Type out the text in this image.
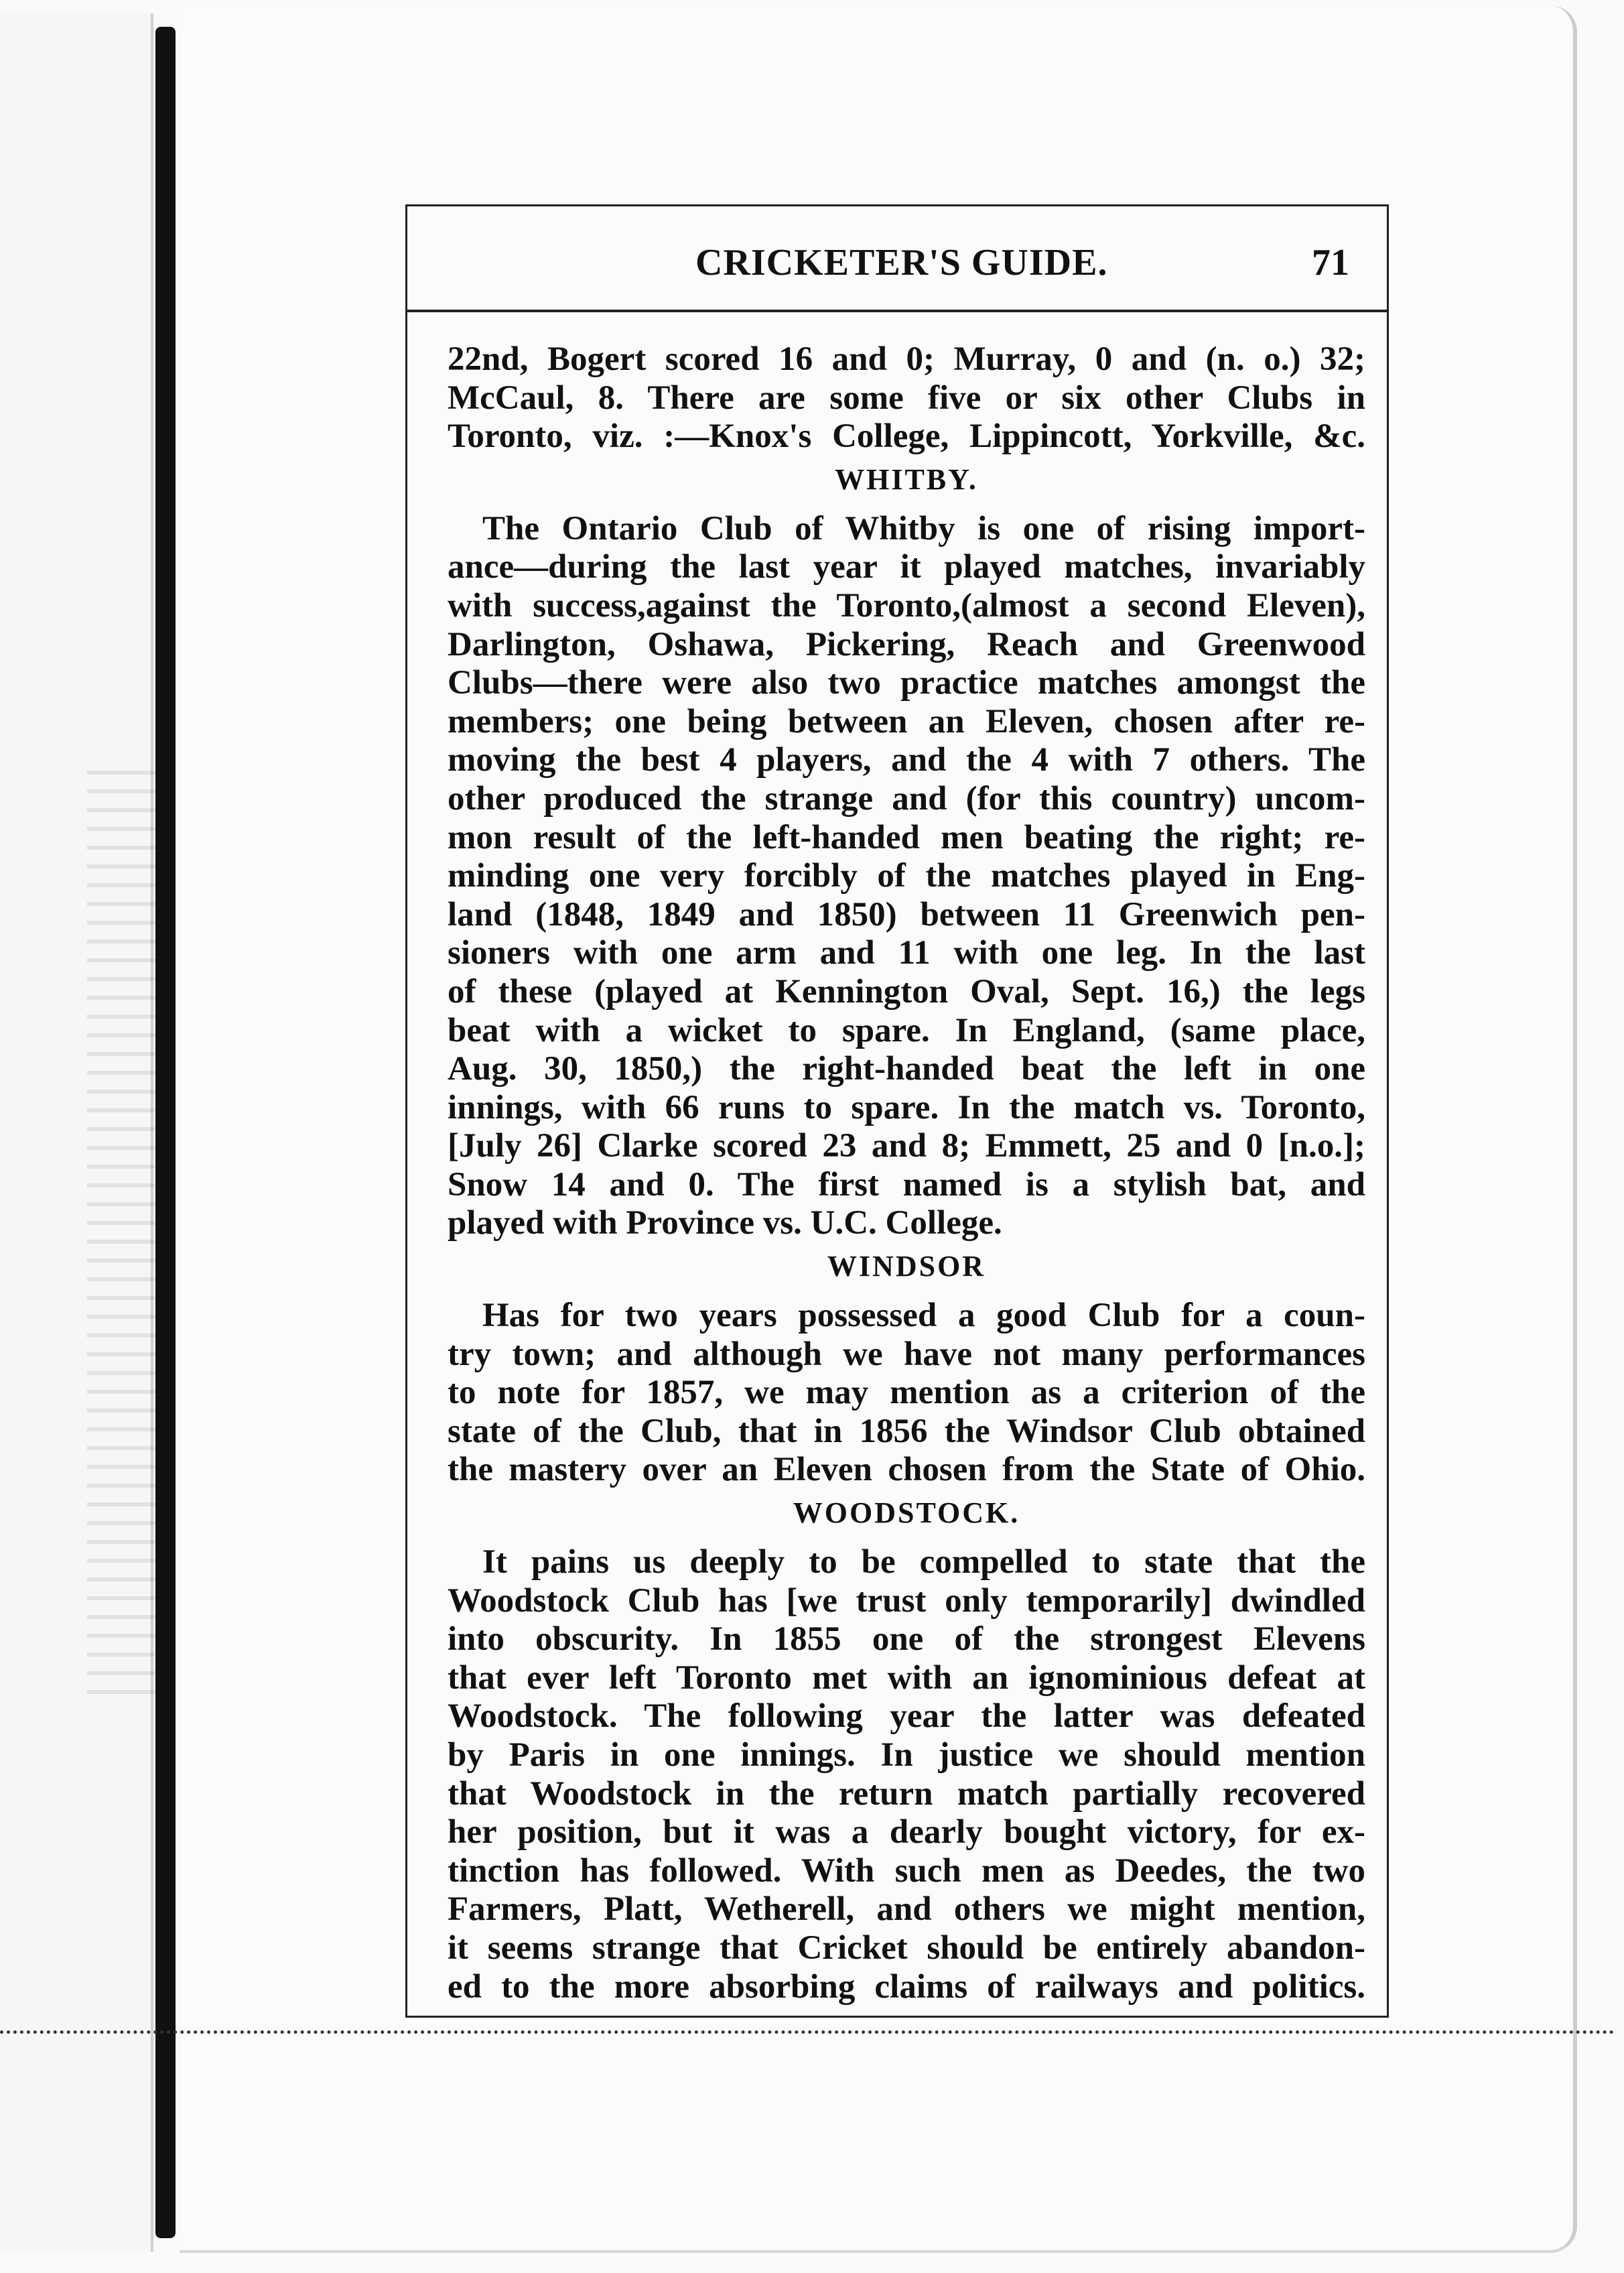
CRICKETER'S GUIDE.	71

22nd, Bogert scored 16 and 0; Murray, 0 and (n. o.) 32;
McCaul, 8. There are some five or six other Clubs in
Toronto, viz. :—Knox's College, Lippincott, Yorkville, &c.

WHITBY.

The Ontario Club of Whitby is one of rising import-
ance—during the last year it played matches, invariably
with success,against the Toronto,(almost a second Eleven),
Darlington, Oshawa, Pickering, Reach and Greenwood
Clubs—there were also two practice matches amongst the
members; one being between an Eleven, chosen after re-
moving the best 4 players, and the 4 with 7 others. The
other produced the strange and (for this country) uncom-
mon result of the left-handed men beating the right; re-
minding one very forcibly of the matches played in Eng-
land (1848, 1849 and 1850) between 11 Greenwich pen-
sioners with one arm and 11 with one leg. In the last
of these (played at Kennington Oval, Sept. 16,) the legs
beat with a wicket to spare. In England, (same place,
Aug. 30, 1850,) the right-handed beat the left in one
innings, with 66 runs to spare. In the match vs. Toronto,
[July 26] Clarke scored 23 and 8; Emmett, 25 and 0 [n.o.];
Snow 14 and 0. The first named is a stylish bat, and
played with Province vs. U.C. College.

WINDSOR

Has for two years possessed a good Club for a coun-
try town; and although we have not many performances
to note for 1857, we may mention as a criterion of the
state of the Club, that in 1856 the Windsor Club obtained
the mastery over an Eleven chosen from the State of Ohio.

WOODSTOCK.

It pains us deeply to be compelled to state that the
Woodstock Club has [we trust only temporarily] dwindled
into obscurity. In 1855 one of the strongest Elevens
that ever left Toronto met with an ignominious defeat at
Woodstock. The following year the latter was defeated
by Paris in one innings. In justice we should mention
that Woodstock in the return match partially recovered
her position, but it was a dearly bought victory, for ex-
tinction has followed. With such men as Deedes, the two
Farmers, Platt, Wetherell, and others we might mention,
it seems strange that Cricket should be entirely abandon-
ed to the more absorbing claims of railways and politics.
